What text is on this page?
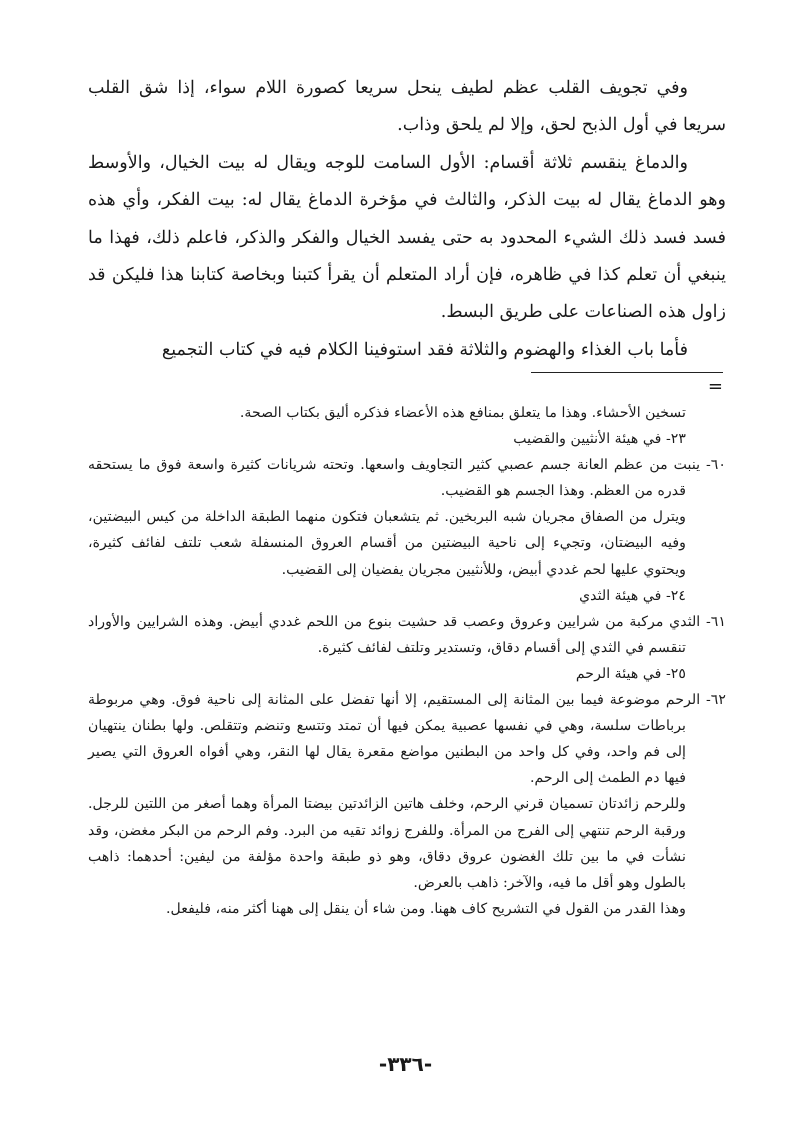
وفي تجويف القلب عظم لطيف ينحل سريعا كصورة اللام سواء، إذا شق القلب سريعا في أول الذبح لحق، وإلا لم يلحق وذاب.

والدماغ ينقسم ثلاثة أقسام: الأول السامت للوجه ويقال له بيت الخيال، والأوسط وهو الدماغ يقال له بيت الذكر، والثالث في مؤخرة الدماغ يقال له: بيت الفكر، وأي هذه فسد فسد ذلك الشيء المحدود به حتى يفسد الخيال والفكر والذكر، فاعلم ذلك، فهذا ما ينبغي أن تعلم كذا في ظاهره، فإن أراد المتعلم أن يقرأ كتبنا وبخاصة كتابنا هذا فليكن قد زاول هذه الصناعات على طريق البسط.

فأما باب الغذاء والهضوم والثلاثة فقد استوفينا الكلام فيه في كتاب التجميع

=

تسخين الأحشاء. وهذا ما يتعلق بمنافع هذه الأعضاء فذكره أليق بكتاب الصحة.

٢٣- في هيئة الأنثيين والقضيب

٦٠- ينبت من عظم العانة جسم عصبي كثير التجاويف واسعها. وتحته شريانات كثيرة واسعة فوق ما يستحقه قدره من العظم. وهذا الجسم هو القضيب.

ويترل من الصفاق مجريان شبه البربخين. ثم يتشعبان فتكون منهما الطبقة الداخلة من كيس البيضتين، وفيه البيضتان، وتجيء إلى ناحية البيضتين من أقسام العروق المنسفلة شعب تلتف لفائف كثيرة، ويحتوي عليها لحم غددي أبيض، وللأنثيين مجريان يفضيان إلى القضيب.

٢٤- في هيئة الثدي

٦١- الثدي مركبة من شرايين وعروق وعصب قد حشيت بنوع من اللحم غددي أبيض. وهذه الشرايين والأوراد تنقسم في الثدي إلى أقسام دقاق، وتستدير وتلتف لفائف كثيرة.

٢٥- في هيئة الرحم

٦٢- الرحم موضوعة فيما بين المثانة إلى المستقيم، إلا أنها تفضل على المثانة إلى ناحية فوق. وهي مربوطة برباطات سلسة، وهي في نفسها عصبية يمكن فيها أن تمتد وتتسع وتنضم وتتقلص. ولها بطنان ينتهيان إلى فم واحد، وفي كل واحد من البطنين مواضع مقعرة يقال لها النقر، وهي أفواه العروق التي يصير فيها دم الطمث إلى الرحم.

وللرحم زائدتان تسميان قرني الرحم، وخلف هاتين الزائدتين بيضتا المرأة وهما أصغر من اللتين للرجل. ورقبة الرحم تنتهي إلى الفرج من المرأة. وللفرج زوائد تقيه من البرد. وفم الرحم من البكر مغضن، وقد نشأت في ما بين تلك الغضون عروق دقاق، وهو ذو طبقة واحدة مؤلفة من ليفين: أحدهما: ذاهب بالطول وهو أقل ما فيه، والآخر: ذاهب بالعرض.

وهذا القدر من القول في التشريح كاف ههنا. ومن شاء أن ينقل إلى ههنا أكثر منه، فليفعل.

-٣٣٦-
